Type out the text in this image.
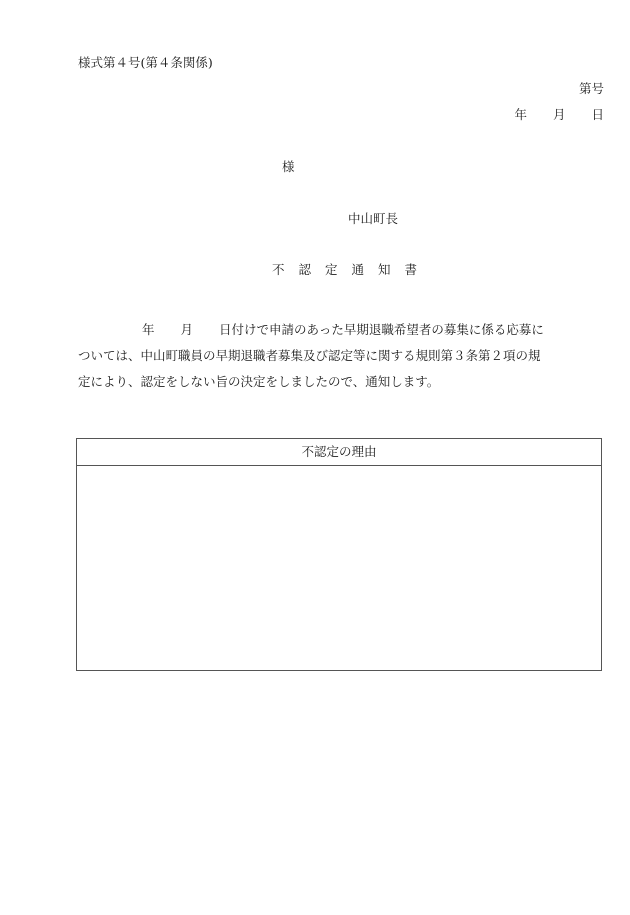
様式第４号(第４条関係)
第号
年 月 日
様
中山町長
不認定通知書
年 月 日付けで申請のあった早期退職希望者の募集に係る応募に
ついては、中山町職員の早期退職者募集及び認定等に関する規則第３条第２項の規
定により、認定をしない旨の決定をしましたので、通知します。
不認定の理由
